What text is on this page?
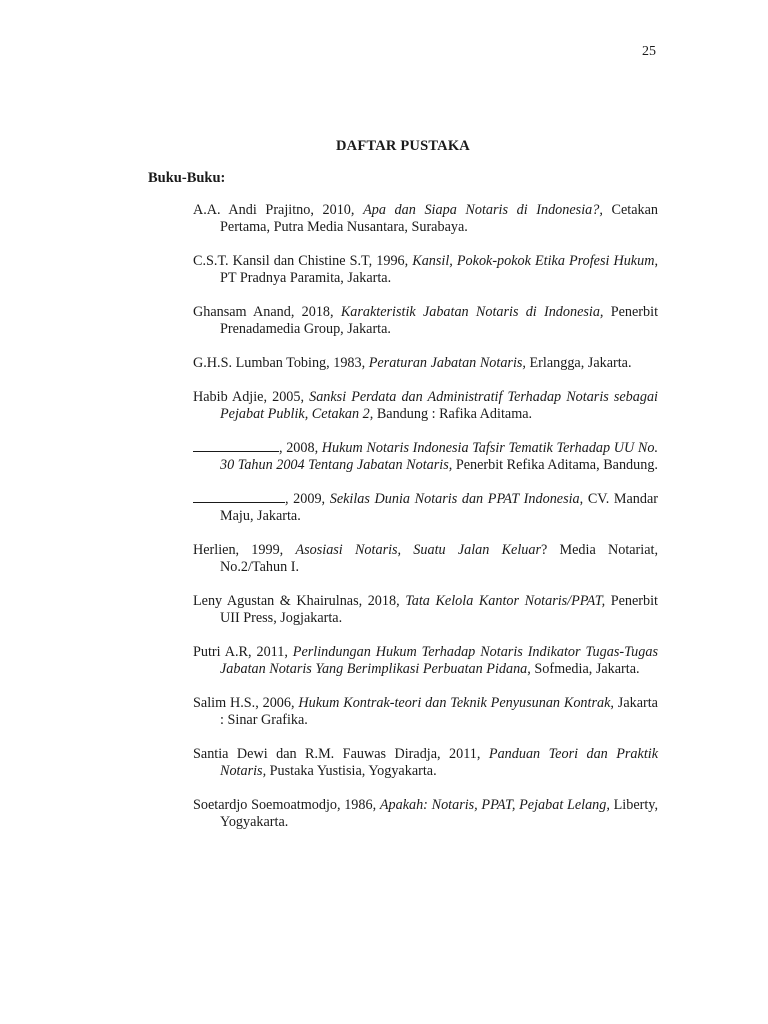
25
DAFTAR PUSTAKA
Buku-Buku:
A.A. Andi Prajitno, 2010, Apa dan Siapa Notaris di Indonesia?, Cetakan Pertama, Putra Media Nusantara, Surabaya.
C.S.T. Kansil dan Chistine S.T, 1996, Kansil, Pokok-pokok Etika Profesi Hukum, PT Pradnya Paramita, Jakarta.
Ghansam Anand, 2018, Karakteristik Jabatan Notaris di Indonesia, Penerbit Prenadamedia Group, Jakarta.
G.H.S. Lumban Tobing, 1983, Peraturan Jabatan Notaris, Erlangga, Jakarta.
Habib Adjie, 2005, Sanksi Perdata dan Administratif Terhadap Notaris sebagai Pejabat Publik, Cetakan 2, Bandung : Rafika Aditama.
, 2008, Hukum Notaris Indonesia Tafsir Tematik Terhadap UU No. 30 Tahun 2004 Tentang Jabatan Notaris, Penerbit Refika Aditama, Bandung.
, 2009, Sekilas Dunia Notaris dan PPAT Indonesia, CV. Mandar Maju, Jakarta.
Herlien, 1999, Asosiasi Notaris, Suatu Jalan Keluar? Media Notariat, No.2/Tahun I.
Leny Agustan & Khairulnas, 2018, Tata Kelola Kantor Notaris/PPAT, Penerbit UII Press, Jogjakarta.
Putri A.R, 2011, Perlindungan Hukum Terhadap Notaris Indikator Tugas-Tugas Jabatan Notaris Yang Berimplikasi Perbuatan Pidana, Sofmedia, Jakarta.
Salim H.S., 2006, Hukum Kontrak-teori dan Teknik Penyusunan Kontrak, Jakarta : Sinar Grafika.
Santia Dewi dan R.M. Fauwas Diradja, 2011, Panduan Teori dan Praktik Notaris, Pustaka Yustisia, Yogyakarta.
Soetardjo Soemoatmodjo, 1986, Apakah: Notaris, PPAT, Pejabat Lelang, Liberty, Yogyakarta.
